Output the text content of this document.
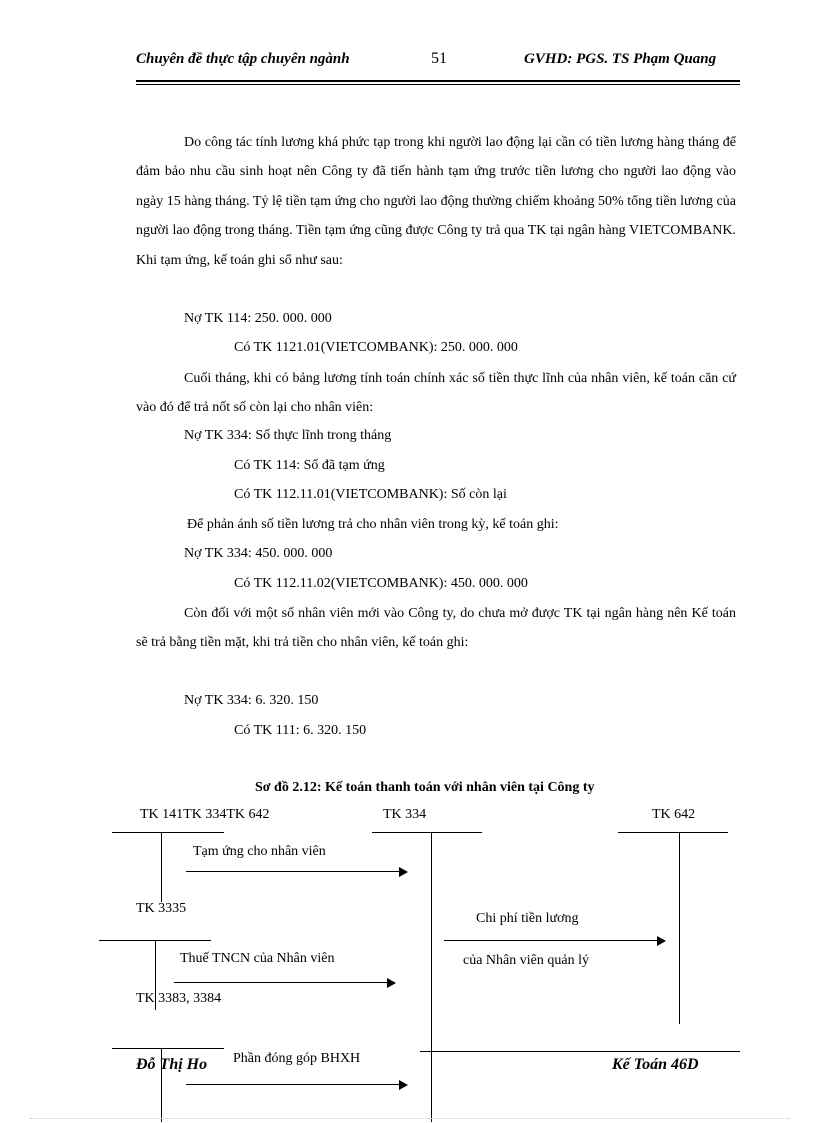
Chuyên đề thực tập chuyên ngành	51	GVHD: PGS. TS Phạm Quang

Do công tác tính lương khá phức tạp trong khi người lao động lại cần có tiền lương hàng tháng để đảm bảo nhu cầu sinh hoạt nên Công ty đã tiến hành tạm ứng trước tiền lương cho người lao động vào ngày 15 hàng tháng. Tỷ lệ tiền tạm ứng cho người lao động thường chiếm khoảng 50% tổng tiền lương của người lao động trong tháng. Tiền tạm ứng cũng được Công ty trả qua TK tại ngân hàng VIETCOMBANK. Khi tạm ứng, kế toán ghi sổ như sau:

Nợ TK 114: 250. 000. 000
Có TK 1121.01(VIETCOMBANK): 250. 000. 000

Cuối tháng, khi có bảng lương tính toán chính xác số tiền thực lĩnh của nhân viên, kế toán căn cứ vào đó để trả nốt số còn lại cho nhân viên:

Nợ TK 334: Số thực lĩnh trong tháng
Có TK 114: Số đã tạm ứng
Có TK 112.11.01(VIETCOMBANK): Số còn lại
Để phản ánh số tiền lương trả cho nhân viên trong kỳ, kế toán ghi:
Nợ TK 334: 450. 000. 000
Có TK 112.11.02(VIETCOMBANK): 450. 000. 000

Còn đối với một số nhân viên mới vào Công ty, do chưa mở được TK tại ngân hàng nên Kế toán sẽ trả bằng tiền mặt, khi trả tiền cho nhân viên, kế toán ghi:

Nợ TK 334: 6. 320. 150
Có TK 111: 6. 320. 150
Sơ đồ 2.12: Kế toán thanh toán với nhân viên tại Công ty
TK 141TK 334TK 642	TK 334	TK 642
Tạm ứng cho nhân viên
TK 3335
Chi phí tiền lương
của Nhân viên quản lý
Thuế TNCN của Nhân viên
TK 3383, 3384
Đỗ Thị Ho	Kế Toán 46D
Phần đóng góp BHXH
